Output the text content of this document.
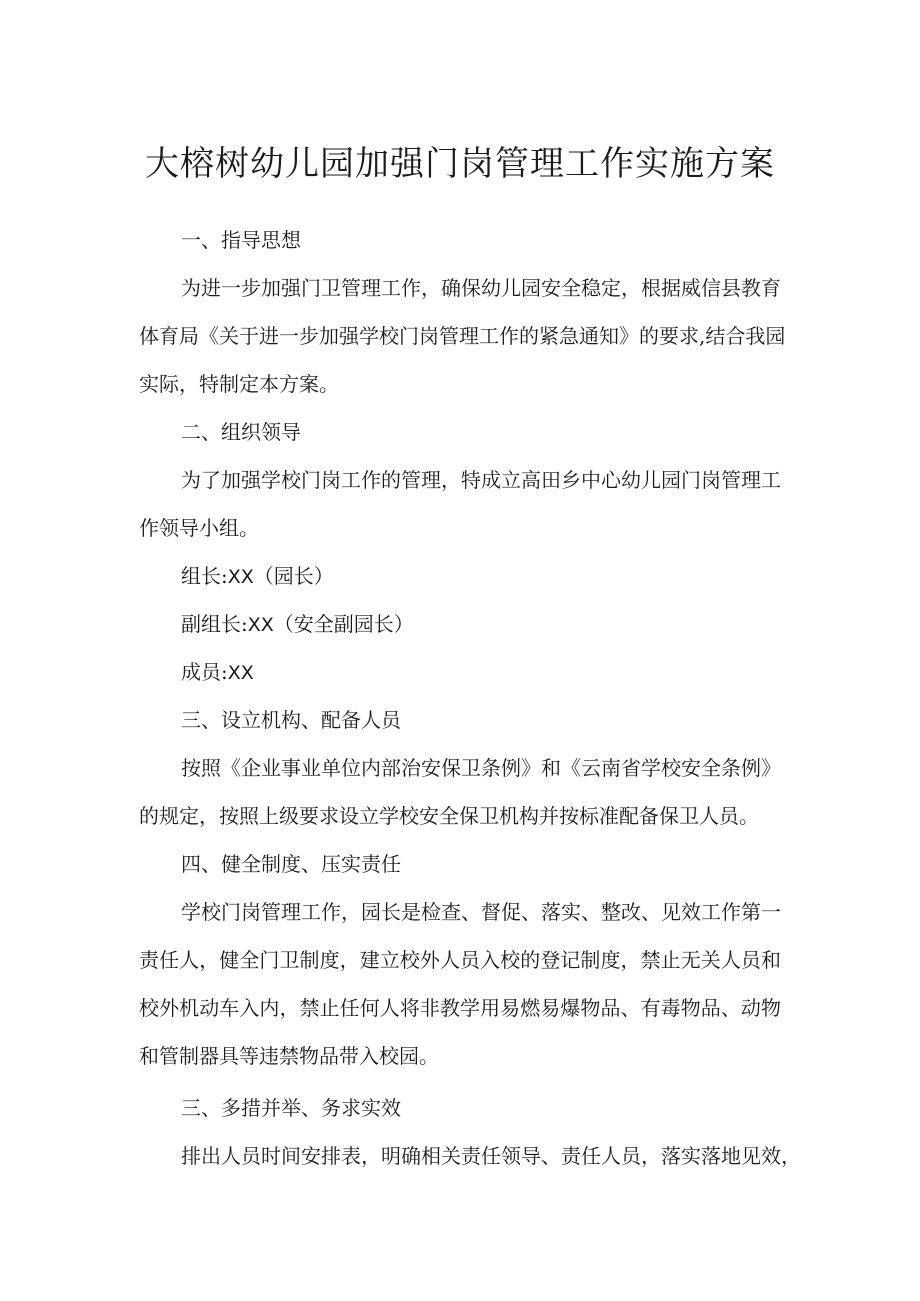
大榕树幼儿园加强门岗管理工作实施方案

一、指导思想

为进一步加强门卫管理工作，确保幼儿园安全稳定，根据威信县教育

体育局《关于进一步加强学校门岗管理工作的紧急通知》的要求,结合我园

实际，特制定本方案。

二、组织领导

为了加强学校门岗工作的管理，特成立高田乡中心幼儿园门岗管理工

作领导小组。

组长:XX（园长）

副组长:XX（安全副园长）

成员:XX

三、设立机构、配备人员

按照《企业事业单位内部治安保卫条例》和《云南省学校安全条例》

的规定，按照上级要求设立学校安全保卫机构并按标准配备保卫人员。

四、健全制度、压实责任

学校门岗管理工作，园长是检查、督促、落实、整改、见效工作第一

责任人，健全门卫制度，建立校外人员入校的登记制度，禁止无关人员和

校外机动车入内，禁止任何人将非教学用易燃易爆物品、有毒物品、动物

和管制器具等违禁物品带入校园。

三、多措并举、务求实效

排出人员时间安排表，明确相关责任领导、责任人员，落实落地见效，
